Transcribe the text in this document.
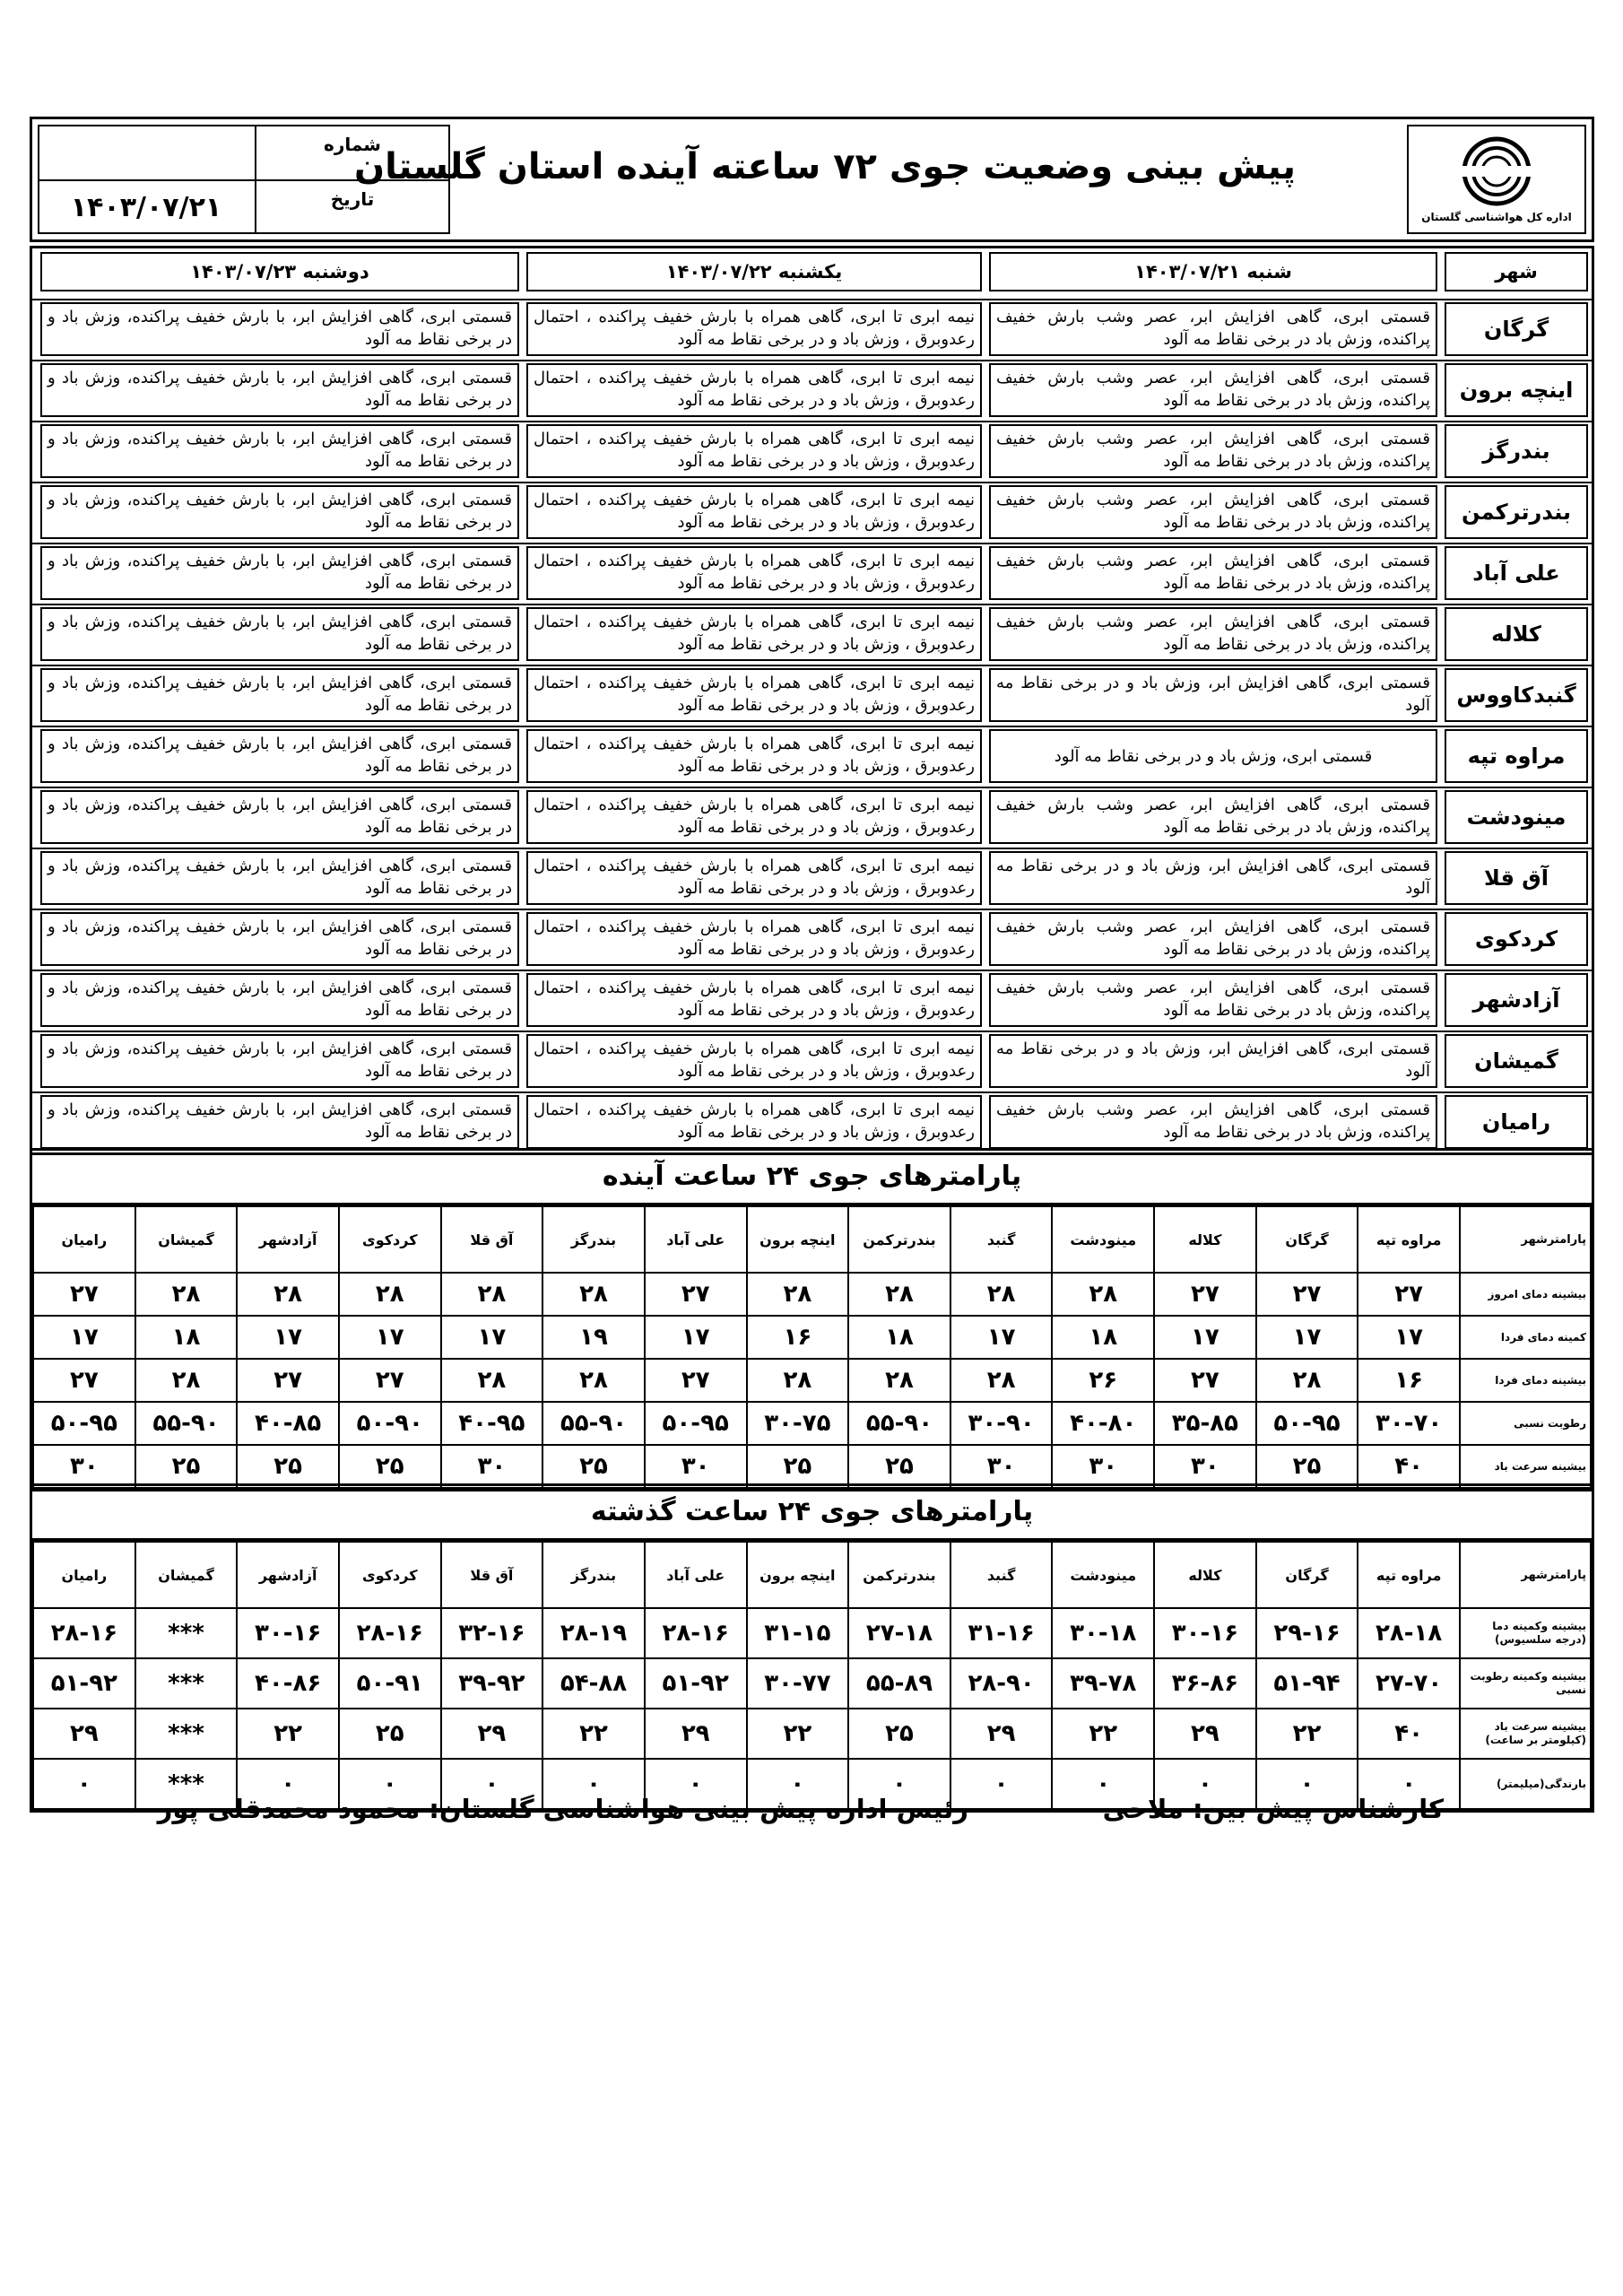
اداره کل هواشناسی گلستان
پیش بینی وضعیت جوی ۷۲ ساعته آینده استان گلستان
شماره
تاریخ
۱۴۰۳/۰۷/۲۱
شهر
شنبه ۱۴۰۳/۰۷/۲۱
یکشنبه ۱۴۰۳/۰۷/۲۲
دوشنبه ۱۴۰۳/۰۷/۲۳
گرگان
قسمتی ابری، گاهی افزایش ابر، عصر وشب بارش خفیف پراکنده، وزش باد در برخی نقاط مه آلود
نیمه ابری تا ابری، گاهی همراه با بارش خفیف پراکنده ، احتمال رعدوبرق ، وزش باد و در برخی نقاط مه آلود
قسمتی ابری، گاهی افزایش ابر، با بارش خفیف پراکنده، وزش باد و در برخی نقاط مه آلود
اینچه برون
قسمتی ابری، گاهی افزایش ابر، عصر وشب بارش خفیف پراکنده، وزش باد در برخی نقاط مه آلود
نیمه ابری تا ابری، گاهی همراه با بارش خفیف پراکنده ، احتمال رعدوبرق ، وزش باد و در برخی نقاط مه آلود
قسمتی ابری، گاهی افزایش ابر، با بارش خفیف پراکنده، وزش باد و در برخی نقاط مه آلود
بندرگز
قسمتی ابری، گاهی افزایش ابر، عصر وشب بارش خفیف پراکنده، وزش باد در برخی نقاط مه آلود
نیمه ابری تا ابری، گاهی همراه با بارش خفیف پراکنده ، احتمال رعدوبرق ، وزش باد و در برخی نقاط مه آلود
قسمتی ابری، گاهی افزایش ابر، با بارش خفیف پراکنده، وزش باد و در برخی نقاط مه آلود
بندرترکمن
قسمتی ابری، گاهی افزایش ابر، عصر وشب بارش خفیف پراکنده، وزش باد در برخی نقاط مه آلود
نیمه ابری تا ابری، گاهی همراه با بارش خفیف پراکنده ، احتمال رعدوبرق ، وزش باد و در برخی نقاط مه آلود
قسمتی ابری، گاهی افزایش ابر، با بارش خفیف پراکنده، وزش باد و در برخی نقاط مه آلود
علی آباد
قسمتی ابری، گاهی افزایش ابر، عصر وشب بارش خفیف پراکنده، وزش باد در برخی نقاط مه آلود
نیمه ابری تا ابری، گاهی همراه با بارش خفیف پراکنده ، احتمال رعدوبرق ، وزش باد و در برخی نقاط مه آلود
قسمتی ابری، گاهی افزایش ابر، با بارش خفیف پراکنده، وزش باد و در برخی نقاط مه آلود
کلاله
قسمتی ابری، گاهی افزایش ابر، عصر وشب بارش خفیف پراکنده، وزش باد در برخی نقاط مه آلود
نیمه ابری تا ابری، گاهی همراه با بارش خفیف پراکنده ، احتمال رعدوبرق ، وزش باد و در برخی نقاط مه آلود
قسمتی ابری، گاهی افزایش ابر، با بارش خفیف پراکنده، وزش باد و در برخی نقاط مه آلود
گنبدکاووس
قسمتی ابری، گاهی افزایش ابر، وزش باد و در برخی نقاط مه آلود
نیمه ابری تا ابری، گاهی همراه با بارش خفیف پراکنده ، احتمال رعدوبرق ، وزش باد و در برخی نقاط مه آلود
قسمتی ابری، گاهی افزایش ابر، با بارش خفیف پراکنده، وزش باد و در برخی نقاط مه آلود
مراوه تپه
قسمتی ابری، وزش باد و در برخی نقاط مه آلود
نیمه ابری تا ابری، گاهی همراه با بارش خفیف پراکنده ، احتمال رعدوبرق ، وزش باد و در برخی نقاط مه آلود
قسمتی ابری، گاهی افزایش ابر، با بارش خفیف پراکنده، وزش باد و در برخی نقاط مه آلود
مینودشت
قسمتی ابری، گاهی افزایش ابر، عصر وشب بارش خفیف پراکنده، وزش باد در برخی نقاط مه آلود
نیمه ابری تا ابری، گاهی همراه با بارش خفیف پراکنده ، احتمال رعدوبرق ، وزش باد و در برخی نقاط مه آلود
قسمتی ابری، گاهی افزایش ابر، با بارش خفیف پراکنده، وزش باد و در برخی نقاط مه آلود
آق قلا
قسمتی ابری، گاهی افزایش ابر، وزش باد و در برخی نقاط مه آلود
نیمه ابری تا ابری، گاهی همراه با بارش خفیف پراکنده ، احتمال رعدوبرق ، وزش باد و در برخی نقاط مه آلود
قسمتی ابری، گاهی افزایش ابر، با بارش خفیف پراکنده، وزش باد و در برخی نقاط مه آلود
کردکوی
قسمتی ابری، گاهی افزایش ابر، عصر وشب بارش خفیف پراکنده، وزش باد در برخی نقاط مه آلود
نیمه ابری تا ابری، گاهی همراه با بارش خفیف پراکنده ، احتمال رعدوبرق ، وزش باد و در برخی نقاط مه آلود
قسمتی ابری، گاهی افزایش ابر، با بارش خفیف پراکنده، وزش باد و در برخی نقاط مه آلود
آزادشهر
قسمتی ابری، گاهی افزایش ابر، عصر وشب بارش خفیف پراکنده، وزش باد در برخی نقاط مه آلود
نیمه ابری تا ابری، گاهی همراه با بارش خفیف پراکنده ، احتمال رعدوبرق ، وزش باد و در برخی نقاط مه آلود
قسمتی ابری، گاهی افزایش ابر، با بارش خفیف پراکنده، وزش باد و در برخی نقاط مه آلود
گمیشان
قسمتی ابری، گاهی افزایش ابر، وزش باد و در برخی نقاط مه آلود
نیمه ابری تا ابری، گاهی همراه با بارش خفیف پراکنده ، احتمال رعدوبرق ، وزش باد و در برخی نقاط مه آلود
قسمتی ابری، گاهی افزایش ابر، با بارش خفیف پراکنده، وزش باد و در برخی نقاط مه آلود
رامیان
قسمتی ابری، گاهی افزایش ابر، عصر وشب بارش خفیف پراکنده، وزش باد در برخی نقاط مه آلود
نیمه ابری تا ابری، گاهی همراه با بارش خفیف پراکنده ، احتمال رعدوبرق ، وزش باد و در برخی نقاط مه آلود
قسمتی ابری، گاهی افزایش ابر، با بارش خفیف پراکنده، وزش باد و در برخی نقاط مه آلود
پارامترهای جوی ۲۴ ساعت آینده
پارامترشهر	مراوه تپه	گرگان	کلاله	مینودشت	گنبد	بندرترکمن	اینچه برون	علی آباد	بندرگز	آق قلا	کردکوی	آزادشهر	گمیشان	رامیان
بیشینه دمای امروز	۲۷	۲۷	۲۷	۲۸	۲۸	۲۸	۲۸	۲۷	۲۸	۲۸	۲۸	۲۸	۲۸	۲۷
کمینه دمای فردا	۱۷	۱۷	۱۷	۱۸	۱۷	۱۸	۱۶	۱۷	۱۹	۱۷	۱۷	۱۷	۱۸	۱۷
بیشینه دمای فردا	۱۶	۲۸	۲۷	۲۶	۲۸	۲۸	۲۸	۲۷	۲۸	۲۸	۲۷	۲۷	۲۸	۲۷
رطوبت نسبی	۳۰-۷۰	۵۰-۹۵	۳۵-۸۵	۴۰-۸۰	۳۰-۹۰	۵۵-۹۰	۳۰-۷۵	۵۰-۹۵	۵۵-۹۰	۴۰-۹۵	۵۰-۹۰	۴۰-۸۵	۵۵-۹۰	۵۰-۹۵
بیشینه سرعت باد	۴۰	۲۵	۳۰	۳۰	۳۰	۲۵	۲۵	۳۰	۲۵	۳۰	۲۵	۲۵	۲۵	۳۰
پارامترهای جوی ۲۴ ساعت گذشته
پارامترشهر	مراوه تپه	گرگان	کلاله	مینودشت	گنبد	بندرترکمن	اینچه برون	علی آباد	بندرگز	آق قلا	کردکوی	آزادشهر	گمیشان	رامیان
بیشینه وکمینه دما (درجه سلسیوس)	۲۸-۱۸	۲۹-۱۶	۳۰-۱۶	۳۰-۱۸	۳۱-۱۶	۲۷-۱۸	۳۱-۱۵	۲۸-۱۶	۲۸-۱۹	۳۲-۱۶	۲۸-۱۶	۳۰-۱۶	***	۲۸-۱۶
بیشینه وکمینه رطوبت نسبی	۲۷-۷۰	۵۱-۹۴	۳۶-۸۶	۳۹-۷۸	۲۸-۹۰	۵۵-۸۹	۳۰-۷۷	۵۱-۹۲	۵۴-۸۸	۳۹-۹۲	۵۰-۹۱	۴۰-۸۶	***	۵۱-۹۲
بیشینه سرعت باد (کیلومتر بر ساعت)	۴۰	۲۲	۲۹	۲۲	۲۹	۲۵	۲۲	۲۹	۲۲	۲۹	۲۵	۲۲	***	۲۹
بارندگی(میلیمتر)	۰	۰	۰	۰	۰	۰	۰	۰	۰	۰	۰	۰	***	۰
کارشناس پیش بین: ملاحی
رئیس اداره پیش بینی هواشناسی گلستان: محمود محمدقلی پور
